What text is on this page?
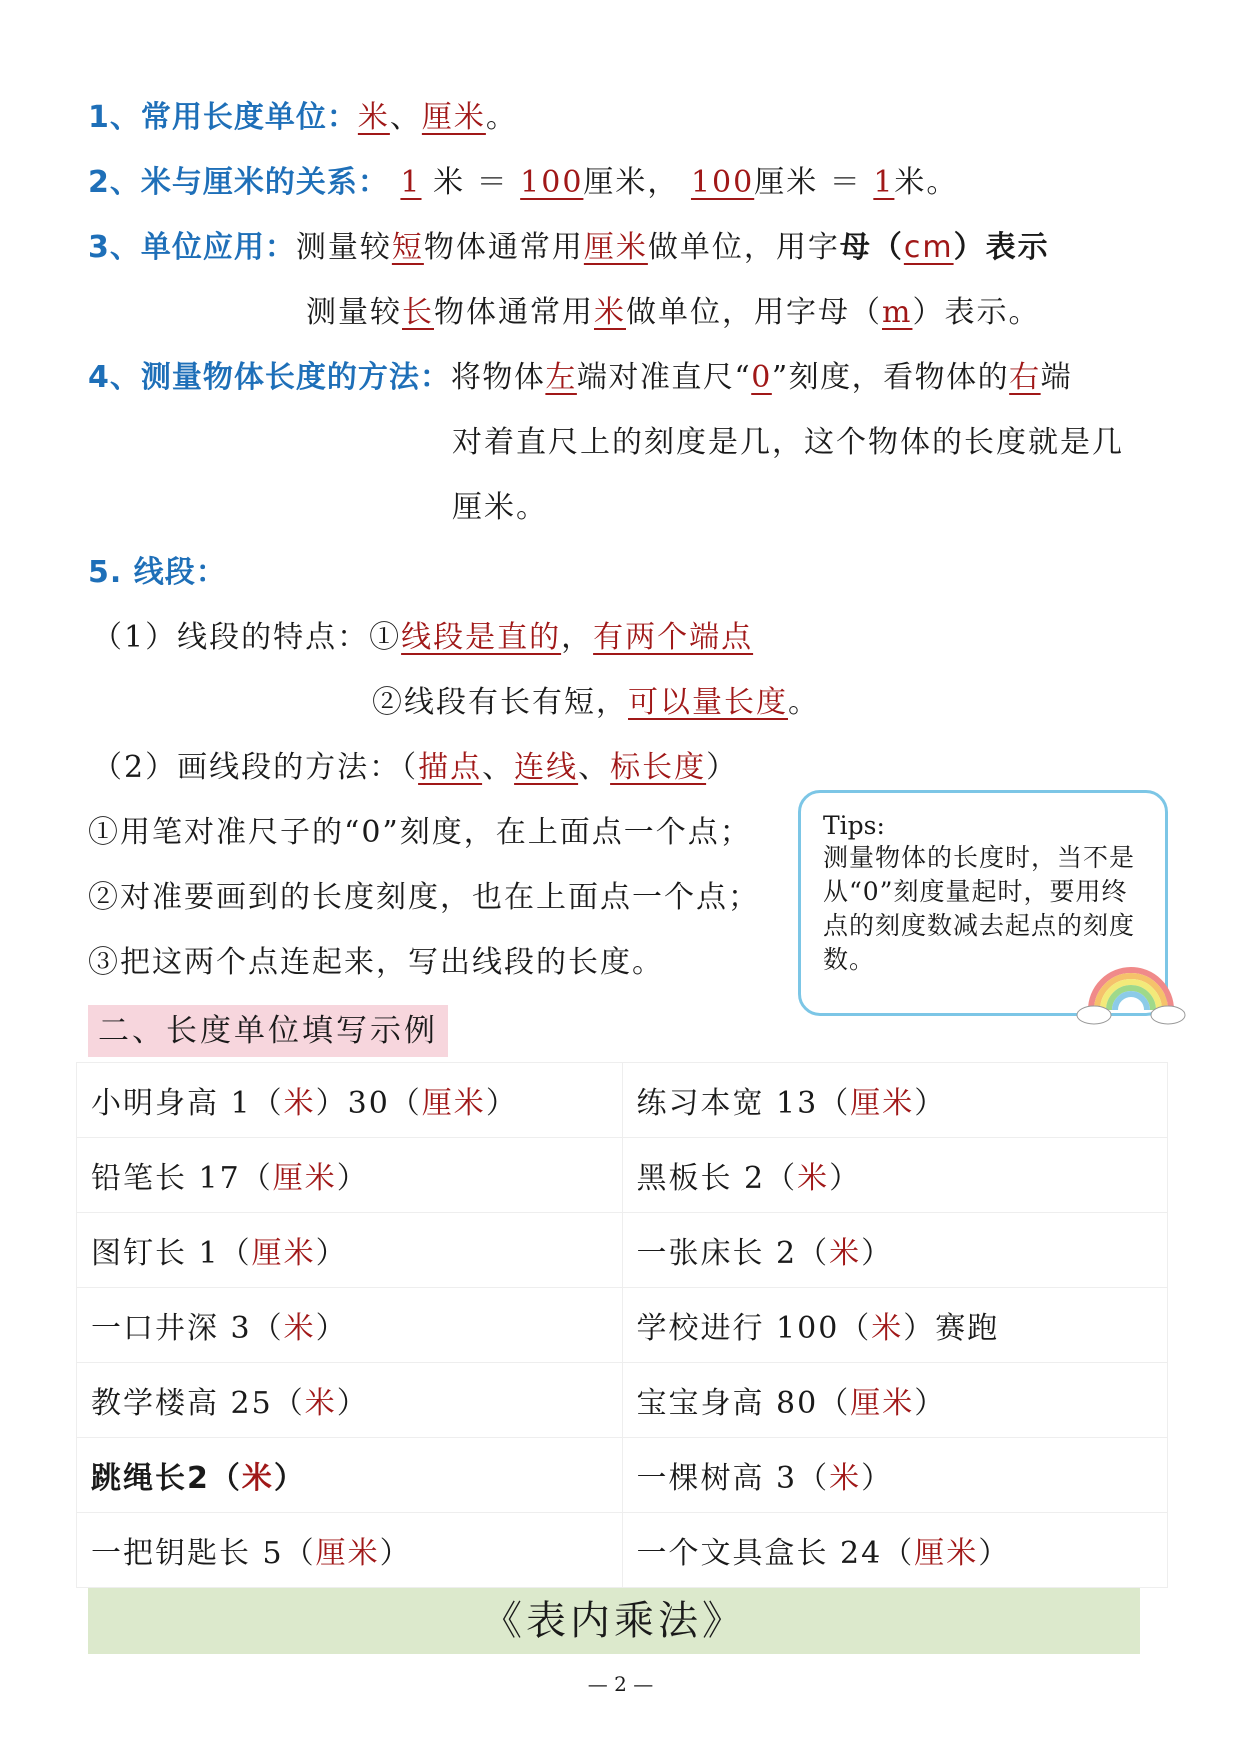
1、常用长度单位：米、厘米。
2、米与厘米的关系： 1 米 ＝ 100厘米， 100厘米 ＝ 1米。
3、单位应用：测量较短物体通常用厘米做单位，用字母（cm）表示
测量较长物体通常用米做单位，用字母（m）表示。
4、测量物体长度的方法：将物体左端对准直尺“0”刻度，看物体的右端
对着直尺上的刻度是几，这个物体的长度就是几
厘米。
5. 线段：
（1）线段的特点：①线段是直的，有两个端点
②线段有长有短，可以量长度。
（2）画线段的方法：（描点、连线、标长度）
①用笔对准尺子的“0”刻度，在上面点一个点；
②对准要画到的长度刻度，也在上面点一个点；
③把这两个点连起来，写出线段的长度。
Tips:
测量物体的长度时，当不是从“0”刻度量起时，要用终点的刻度数减去起点的刻度数。
二、长度单位填写示例
小明身高 1（米）30（厘米）	练习本宽 13（厘米）
铅笔长 17（厘米）	黑板长 2（米）
图钉长 1（厘米）	一张床长 2（米）
一口井深 3（米）	学校进行 100（米）赛跑
教学楼高 25（米）	宝宝身高 80（厘米）
跳绳长2（米）	一棵树高 3（米）
一把钥匙长 5（厘米）	一个文具盒长 24（厘米）
《表内乘法》
— 2 —
